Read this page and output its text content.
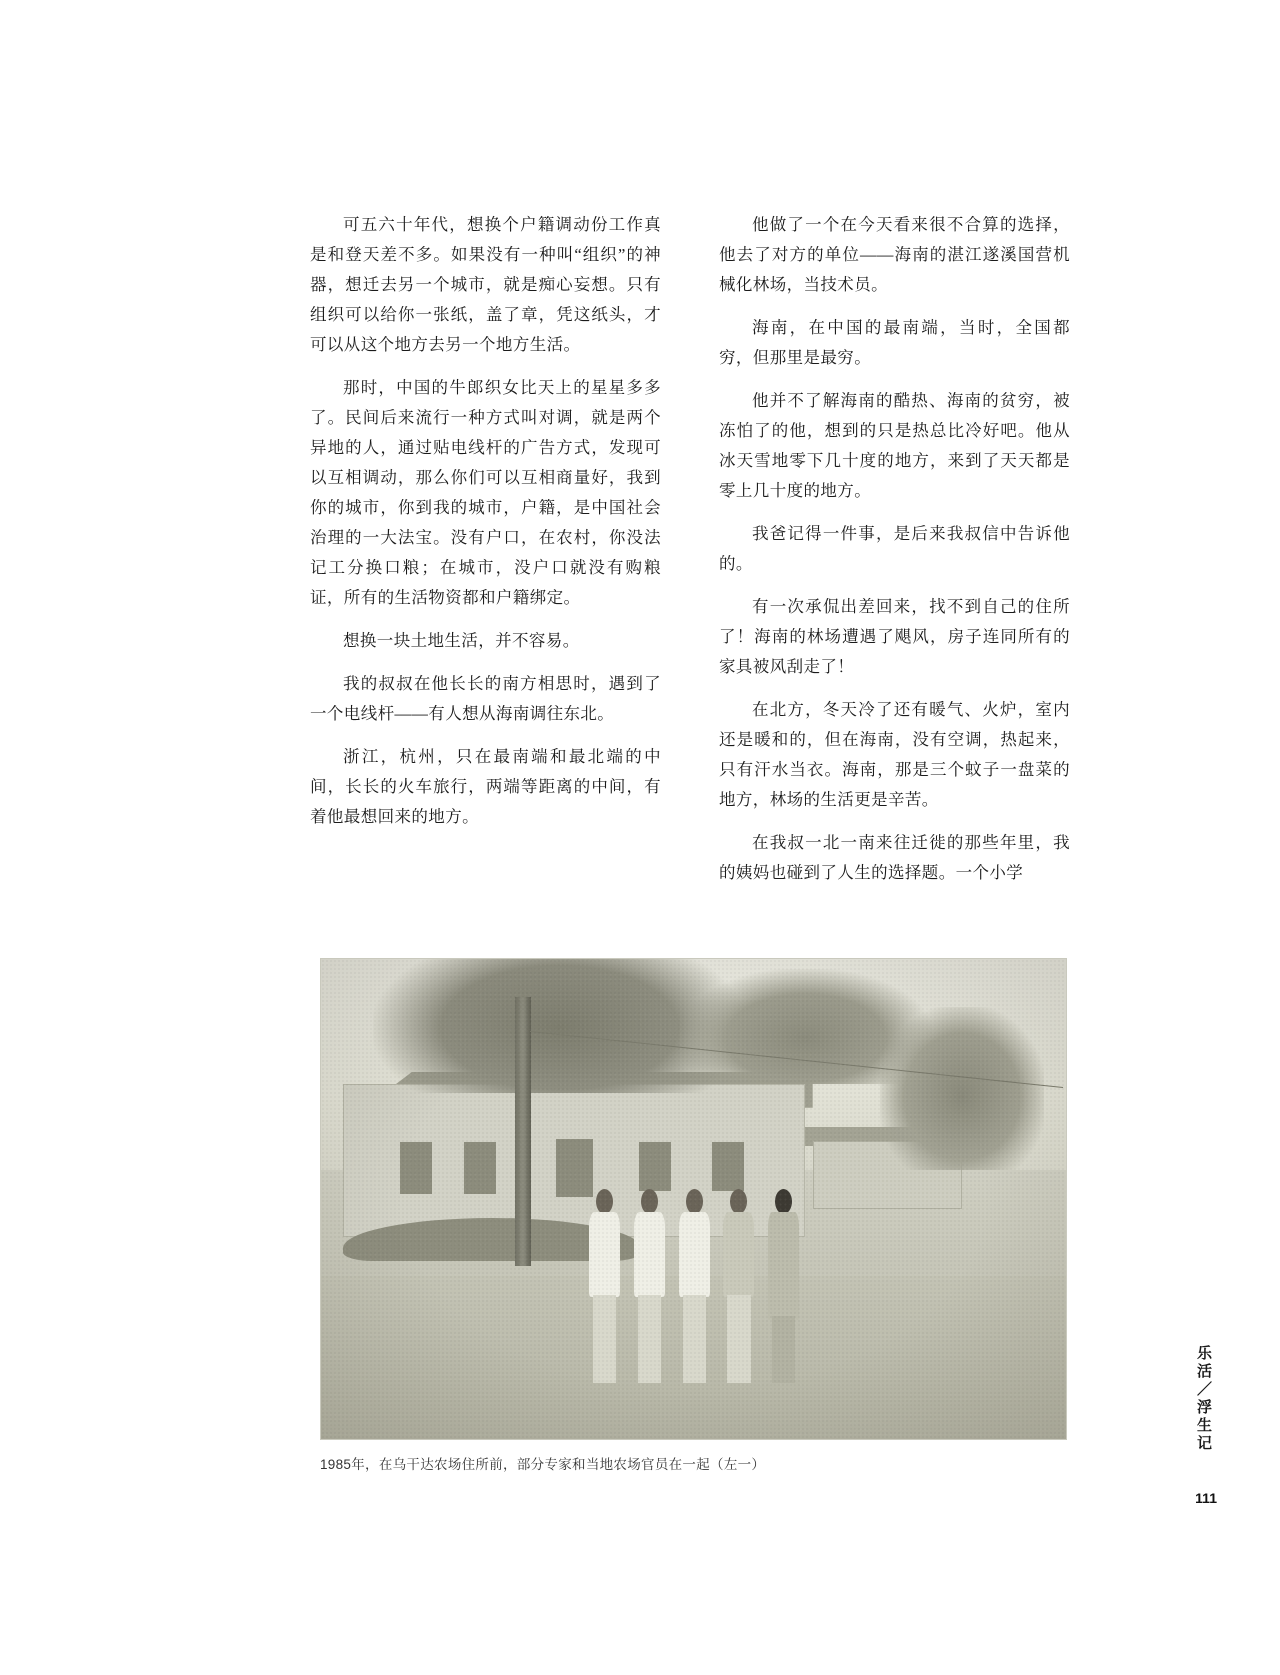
可五六十年代，想换个户籍调动份工作真是和登天差不多。如果没有一种叫“组织”的神器，想迁去另一个城市，就是痴心妄想。只有组织可以给你一张纸，盖了章，凭这纸头，才可以从这个地方去另一个地方生活。

那时，中国的牛郎织女比天上的星星多多了。民间后来流行一种方式叫对调，就是两个异地的人，通过贴电线杆的广告方式，发现可以互相调动，那么你们可以互相商量好，我到你的城市，你到我的城市，户籍，是中国社会治理的一大法宝。没有户口，在农村，你没法记工分换口粮；在城市，没户口就没有购粮证，所有的生活物资都和户籍绑定。

想换一块土地生活，并不容易。

我的叔叔在他长长的南方相思时，遇到了一个电线杆——有人想从海南调往东北。

浙江，杭州，只在最南端和最北端的中间，长长的火车旅行，两端等距离的中间，有着他最想回来的地方。

他做了一个在今天看来很不合算的选择，他去了对方的单位——海南的湛江遂溪国营机械化林场，当技术员。

海南，在中国的最南端，当时，全国都穷，但那里是最穷。

他并不了解海南的酷热、海南的贫穷，被冻怕了的他，想到的只是热总比冷好吧。他从冰天雪地零下几十度的地方，来到了天天都是零上几十度的地方。

我爸记得一件事，是后来我叔信中告诉他的。

有一次承侃出差回来，找不到自己的住所了！海南的林场遭遇了飓风，房子连同所有的家具被风刮走了！

在北方，冬天冷了还有暖气、火炉，室内还是暖和的，但在海南，没有空调，热起来，只有汗水当衣。海南，那是三个蚊子一盘菜的地方，林场的生活更是辛苦。

在我叔一北一南来往迁徙的那些年里，我的姨妈也碰到了人生的选择题。一个小学

1985年，在乌干达农场住所前，部分专家和当地农场官员在一起（左一）
乐活／浮生记
111
